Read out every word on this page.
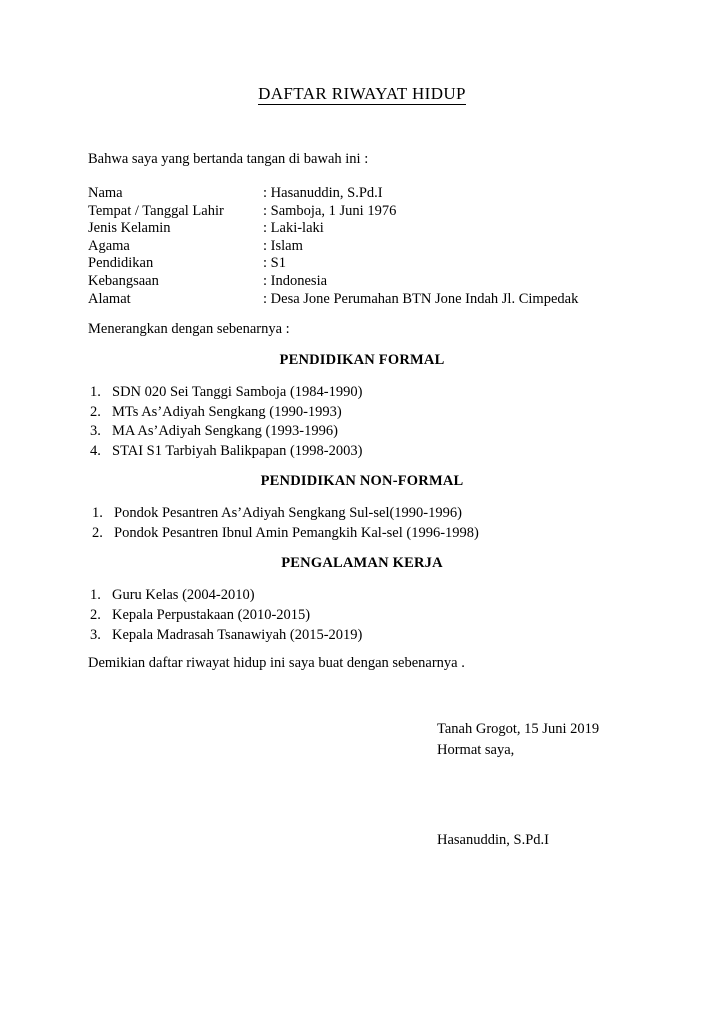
DAFTAR RIWAYAT HIDUP
Bahwa saya yang bertanda tangan di bawah ini :
Nama	: Hasanuddin, S.Pd.I
Tempat / Tanggal Lahir	: Samboja, 1 Juni 1976
Jenis Kelamin	: Laki-laki
Agama	: Islam
Pendidikan	: S1
Kebangsaan	: Indonesia
Alamat	: Desa Jone Perumahan BTN Jone Indah Jl. Cimpedak
Menerangkan dengan sebenarnya :
PENDIDIKAN FORMAL
1. SDN 020 Sei Tanggi Samboja (1984-1990)
2. MTs As’Adiyah Sengkang (1990-1993)
3. MA As’Adiyah Sengkang (1993-1996)
4. STAI S1 Tarbiyah Balikpapan (1998-2003)
PENDIDIKAN NON-FORMAL
1. Pondok Pesantren As’Adiyah Sengkang Sul-sel(1990-1996)
2. Pondok Pesantren Ibnul Amin Pemangkih Kal-sel (1996-1998)
PENGALAMAN KERJA
1. Guru Kelas (2004-2010)
2. Kepala Perpustakaan (2010-2015)
3. Kepala Madrasah Tsanawiyah (2015-2019)
Demikian daftar riwayat hidup ini saya buat dengan sebenarnya .
Tanah Grogot, 15 Juni 2019
Hormat saya,
Hasanuddin, S.Pd.I
